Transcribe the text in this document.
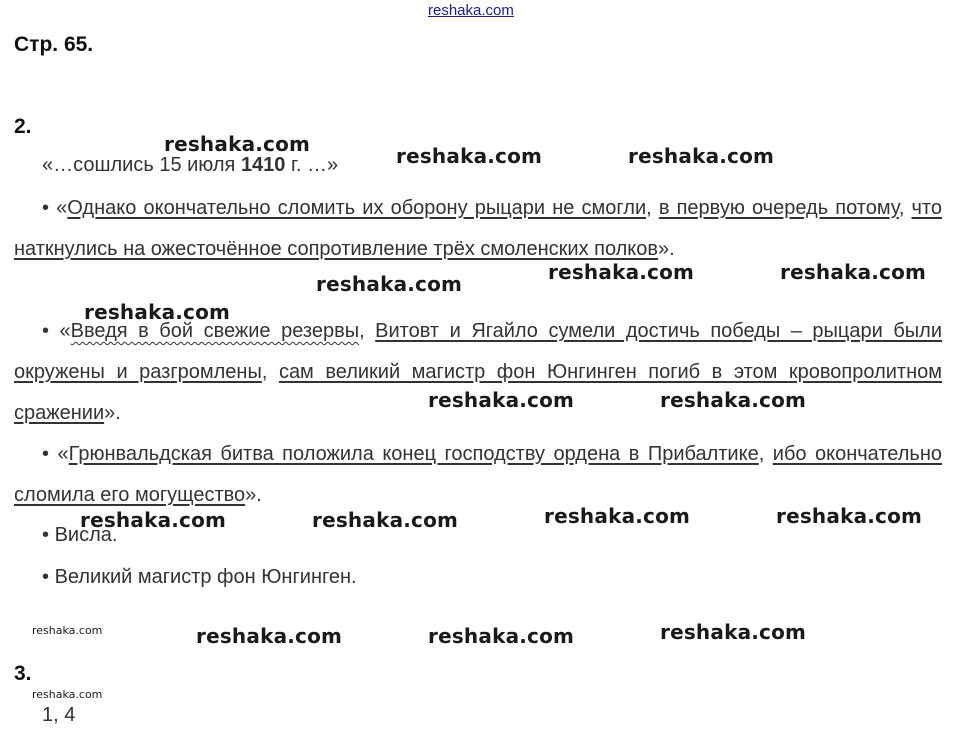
reshaka.com
Стр. 65.
2.
«…сошлись 15 июля 1410 г. …»
• «Однако окончательно сломить их оборону рыцари не смогли, в первую очередь потому, что наткнулись на ожесточённое сопротивление трёх смоленских полков».
• «Введя в бой свежие резервы, Витовт и Ягайло сумели достичь победы – рыцари были окружены и разгромлены, сам великий магистр фон Юнгинген погиб в этом кровопролитном сражении».
• «Грюнвальдская битва положила конец господству ордена в Прибалтике, ибо окончательно сломила его могущество».
• Висла.
• Великий магистр фон Юнгинген.
3.
1, 4
reshaka.com	reshaka.com	reshaka.com
reshaka.com	reshaka.com
reshaka.com
reshaka.com
reshaka.com	reshaka.com
reshaka.com	reshaka.com
reshaka.com	reshaka.com
reshaka.com	reshaka.com	reshaka.com
reshaka.com
reshaka.com
